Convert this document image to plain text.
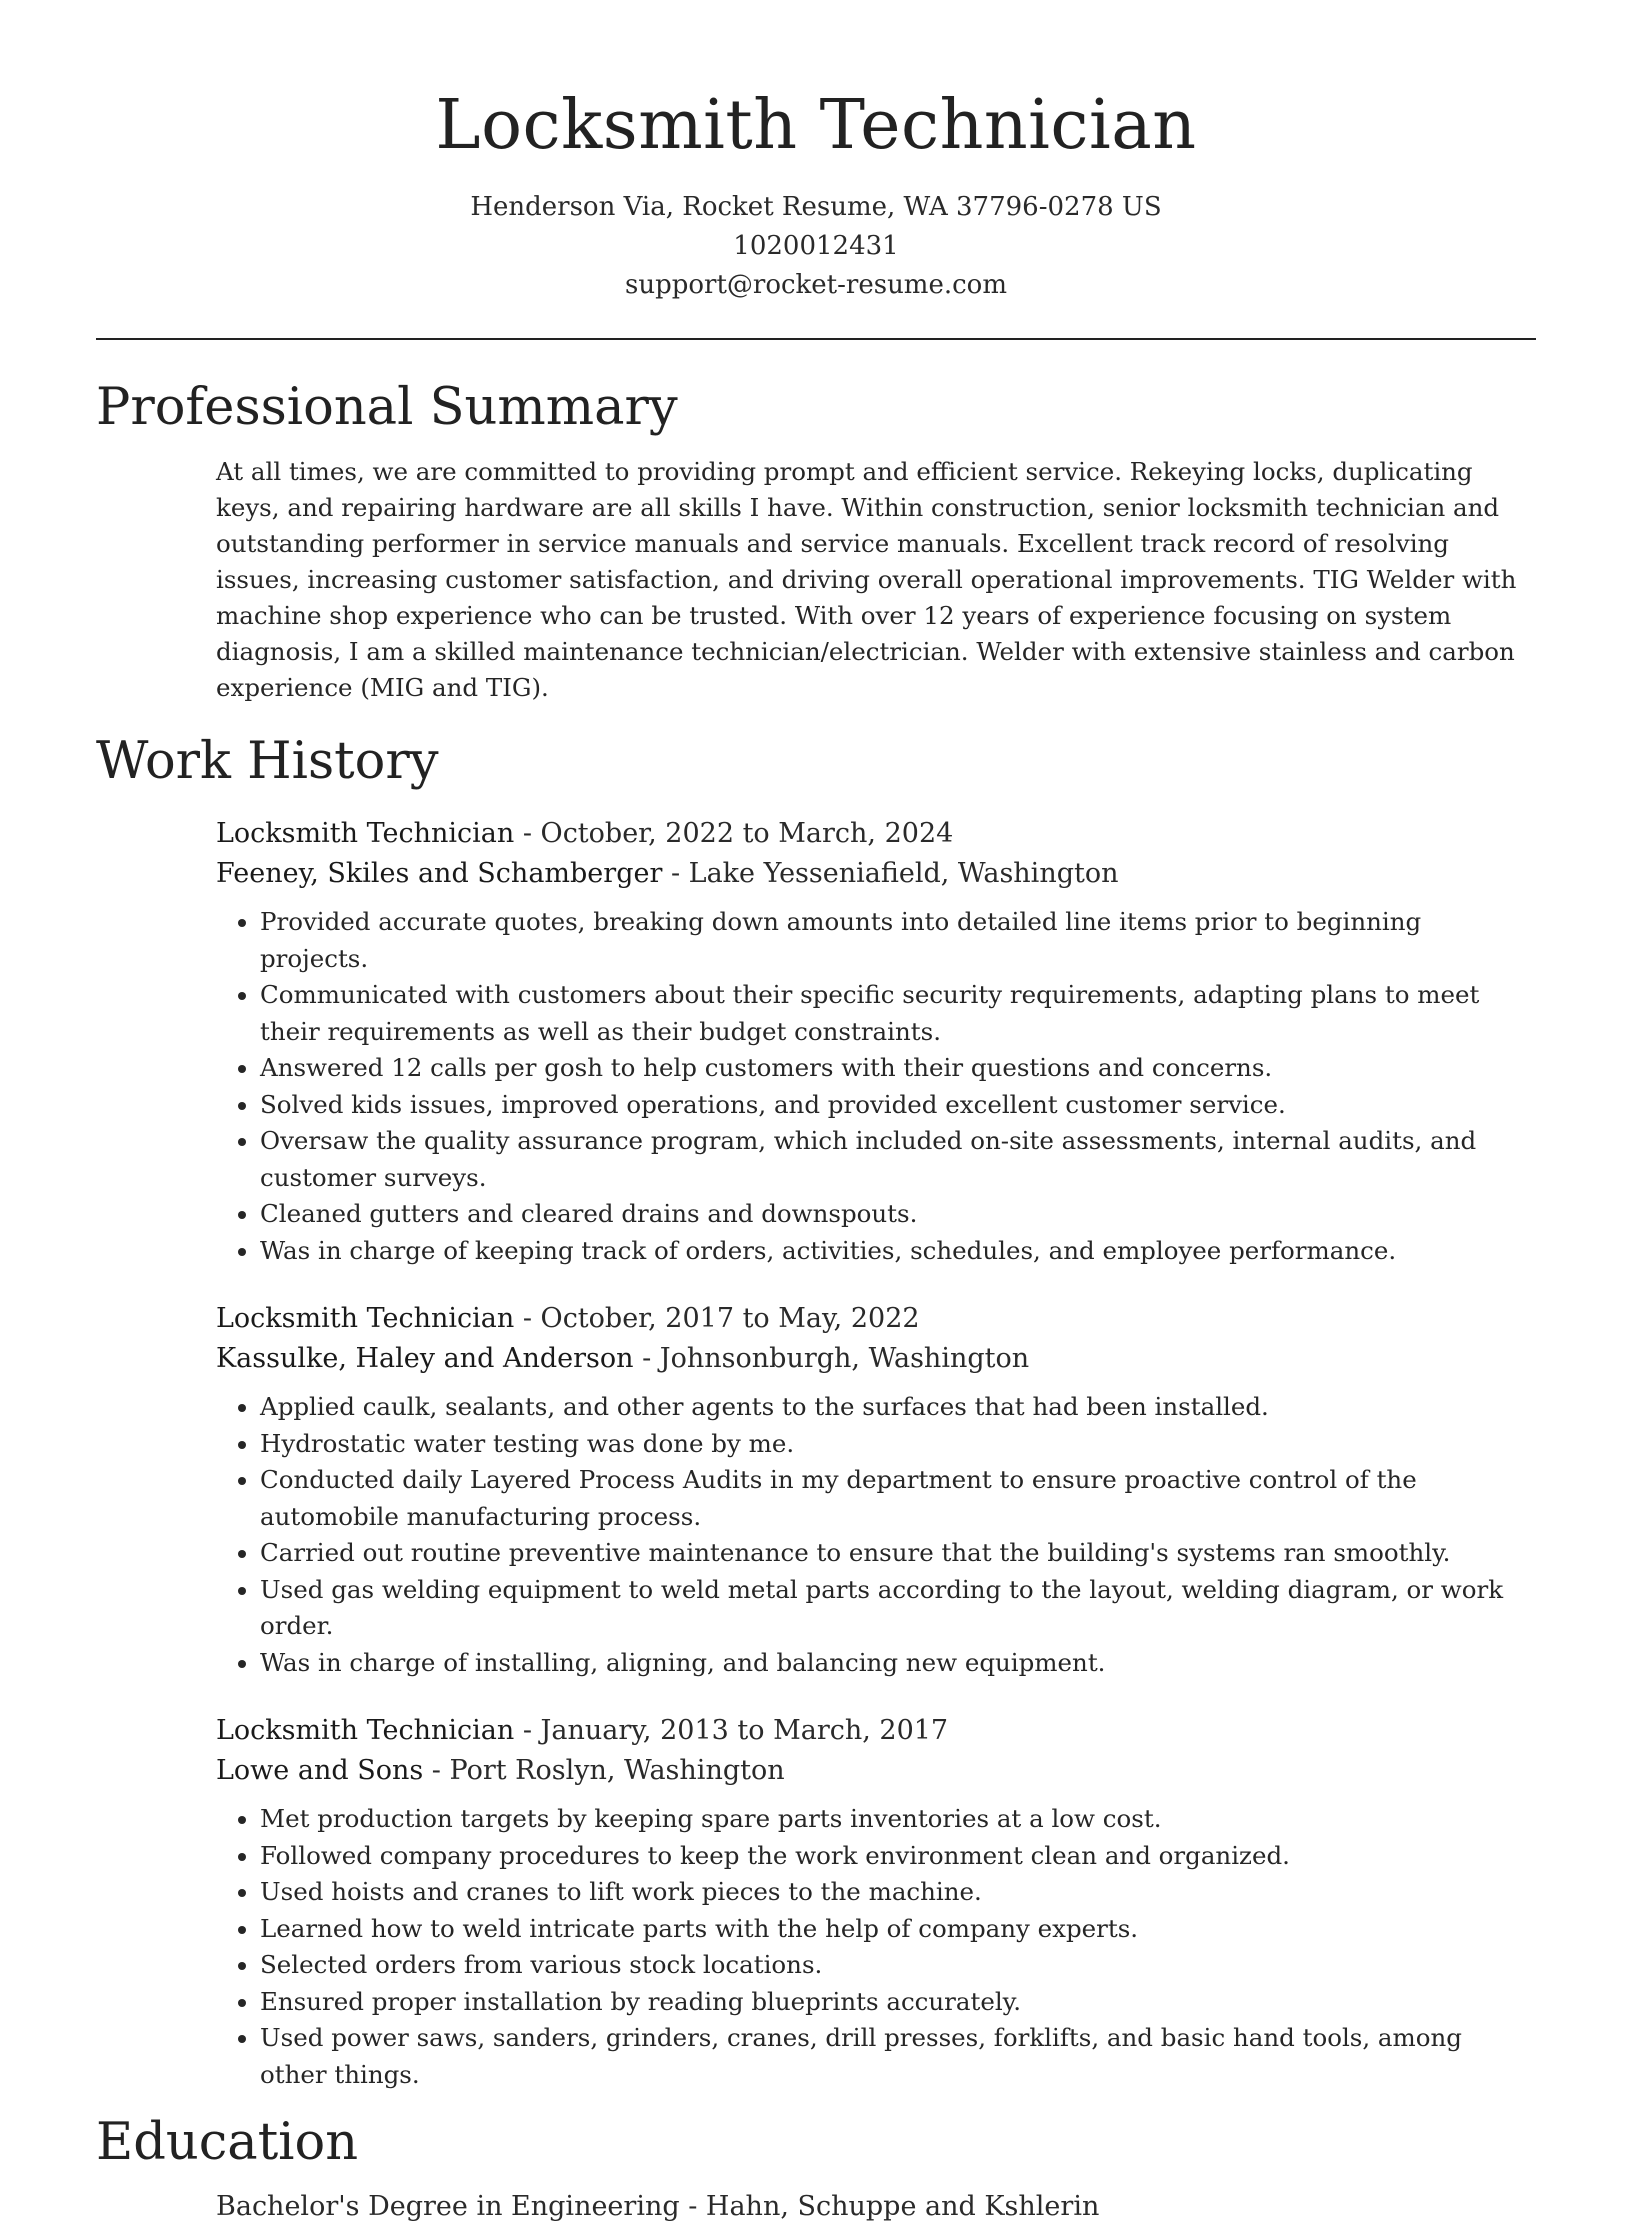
Locksmith Technician
Henderson Via, Rocket Resume, WA 37796-0278 US
1020012431
support@rocket-resume.com
Professional Summary
At all times, we are committed to providing prompt and efficient service. Rekeying locks, duplicating keys, and repairing hardware are all skills I have. Within construction, senior locksmith technician and outstanding performer in service manuals and service manuals. Excellent track record of resolving issues, increasing customer satisfaction, and driving overall operational improvements. TIG Welder with machine shop experience who can be trusted. With over 12 years of experience focusing on system diagnosis, I am a skilled maintenance technician/electrician. Welder with extensive stainless and carbon experience (MIG and TIG).
Work History
Locksmith Technician - October, 2022 to March, 2024
Feeney, Skiles and Schamberger - Lake Yesseniafield, Washington
• Provided accurate quotes, breaking down amounts into detailed line items prior to beginning projects.
• Communicated with customers about their specific security requirements, adapting plans to meet their requirements as well as their budget constraints.
• Answered 12 calls per gosh to help customers with their questions and concerns.
• Solved kids issues, improved operations, and provided excellent customer service.
• Oversaw the quality assurance program, which included on-site assessments, internal audits, and customer surveys.
• Cleaned gutters and cleared drains and downspouts.
• Was in charge of keeping track of orders, activities, schedules, and employee performance.
Locksmith Technician - October, 2017 to May, 2022
Kassulke, Haley and Anderson - Johnsonburgh, Washington
• Applied caulk, sealants, and other agents to the surfaces that had been installed.
• Hydrostatic water testing was done by me.
• Conducted daily Layered Process Audits in my department to ensure proactive control of the automobile manufacturing process.
• Carried out routine preventive maintenance to ensure that the building's systems ran smoothly.
• Used gas welding equipment to weld metal parts according to the layout, welding diagram, or work order.
• Was in charge of installing, aligning, and balancing new equipment.
Locksmith Technician - January, 2013 to March, 2017
Lowe and Sons - Port Roslyn, Washington
• Met production targets by keeping spare parts inventories at a low cost.
• Followed company procedures to keep the work environment clean and organized.
• Used hoists and cranes to lift work pieces to the machine.
• Learned how to weld intricate parts with the help of company experts.
• Selected orders from various stock locations.
• Ensured proper installation by reading blueprints accurately.
• Used power saws, sanders, grinders, cranes, drill presses, forklifts, and basic hand tools, among other things.
Education
Bachelor's Degree in Engineering - Hahn, Schuppe and Kshlerin
